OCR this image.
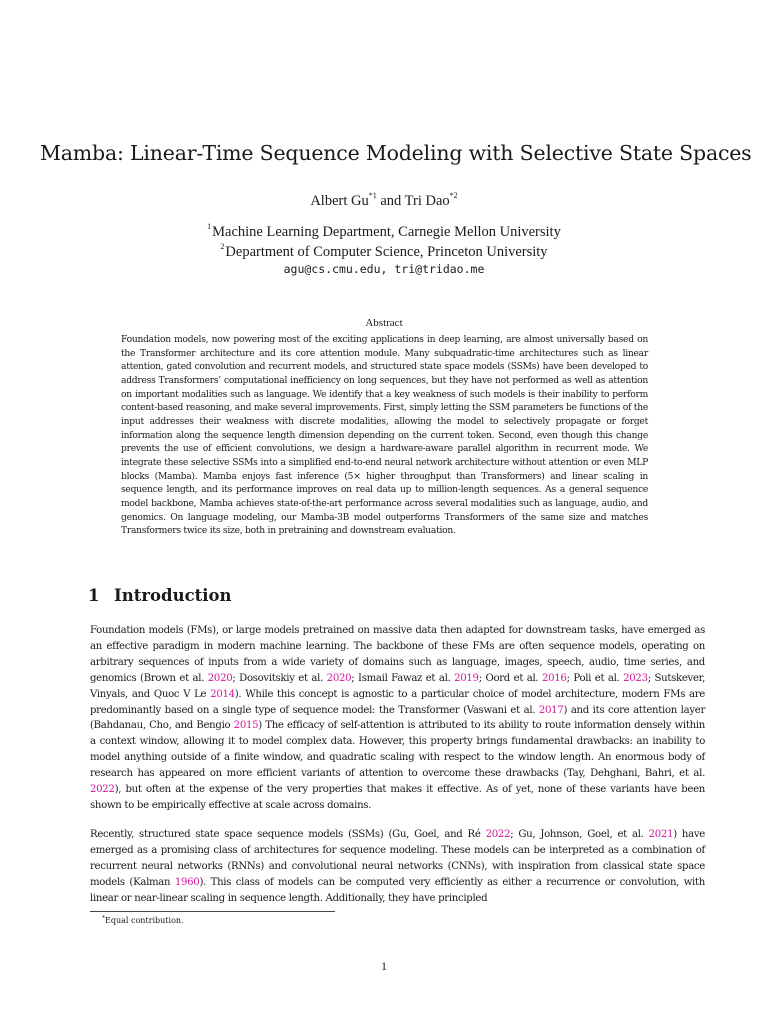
Mamba: Linear-Time Sequence Modeling with Selective State Spaces
Albert Gu$^{*1}$ and Tri Dao$^{*2}$
$^1$Machine Learning Department, Carnegie Mellon University
$^2$Department of Computer Science, Princeton University
agu@cs.cmu.edu, tri@tridao.me
Abstract

Foundation models, now powering most of the exciting applications in deep learning, are almost universally based on the Transformer architecture and its core attention module. Many subquadratic-time architectures such as linear attention, gated convolution and recurrent models, and structured state space models (SSMs) have been developed to address Transformers’ computational inefficiency on long sequences, but they have not performed as well as attention on important modalities such as language. We identify that a key weakness of such models is their inability to perform content-based reasoning, and make several improvements. First, simply letting the SSM parameters be functions of the input addresses their weakness with discrete modalities, allowing the model to selectively propagate or forget information along the sequence length dimension depending on the current token. Second, even though this change prevents the use of efficient convolutions, we design a hardware-aware parallel algorithm in recurrent mode. We integrate these selective SSMs into a simplified end-to-end neural network architecture without attention or even MLP blocks (Mamba). Mamba enjoys fast inference (5× higher throughput than Transformers) and linear scaling in sequence length, and its performance improves on real data up to million-length sequences. As a general sequence model backbone, Mamba achieves state-of-the-art performance across several modalities such as language, audio, and genomics. On language modeling, our Mamba-3B model outperforms Transformers of the same size and matches Transformers twice its size, both in pretraining and downstream evaluation.

1 Introduction

Foundation models (FMs), or large models pretrained on massive data then adapted for downstream tasks, have emerged as an effective paradigm in modern machine learning. The backbone of these FMs are often sequence models, operating on arbitrary sequences of inputs from a wide variety of domains such as language, images, speech, audio, time series, and genomics (Brown et al. 2020; Dosovitskiy et al. 2020; Ismail Fawaz et al. 2019; Oord et al. 2016; Poli et al. 2023; Sutskever, Vinyals, and Quoc V Le 2014). While this concept is agnostic to a particular choice of model architecture, modern FMs are predominantly based on a single type of sequence model: the Transformer (Vaswani et al. 2017) and its core attention layer (Bahdanau, Cho, and Bengio 2015) The efficacy of self-attention is attributed to its ability to route information densely within a context window, allowing it to model complex data. However, this property brings fundamental drawbacks: an inability to model anything outside of a finite window, and quadratic scaling with respect to the window length. An enormous body of research has appeared on more efficient variants of attention to overcome these drawbacks (Tay, Dehghani, Bahri, et al. 2022), but often at the expense of the very properties that makes it effective. As of yet, none of these variants have been shown to be empirically effective at scale across domains.

Recently, structured state space sequence models (SSMs) (Gu, Goel, and Ré 2022; Gu, Johnson, Goel, et al. 2021) have emerged as a promising class of architectures for sequence modeling. These models can be interpreted as a combination of recurrent neural networks (RNNs) and convolutional neural networks (CNNs), with inspiration from classical state space models (Kalman 1960). This class of models can be computed very efficiently as either a recurrence or convolution, with linear or near-linear scaling in sequence length. Additionally, they have principled

*Equal contribution.
1
